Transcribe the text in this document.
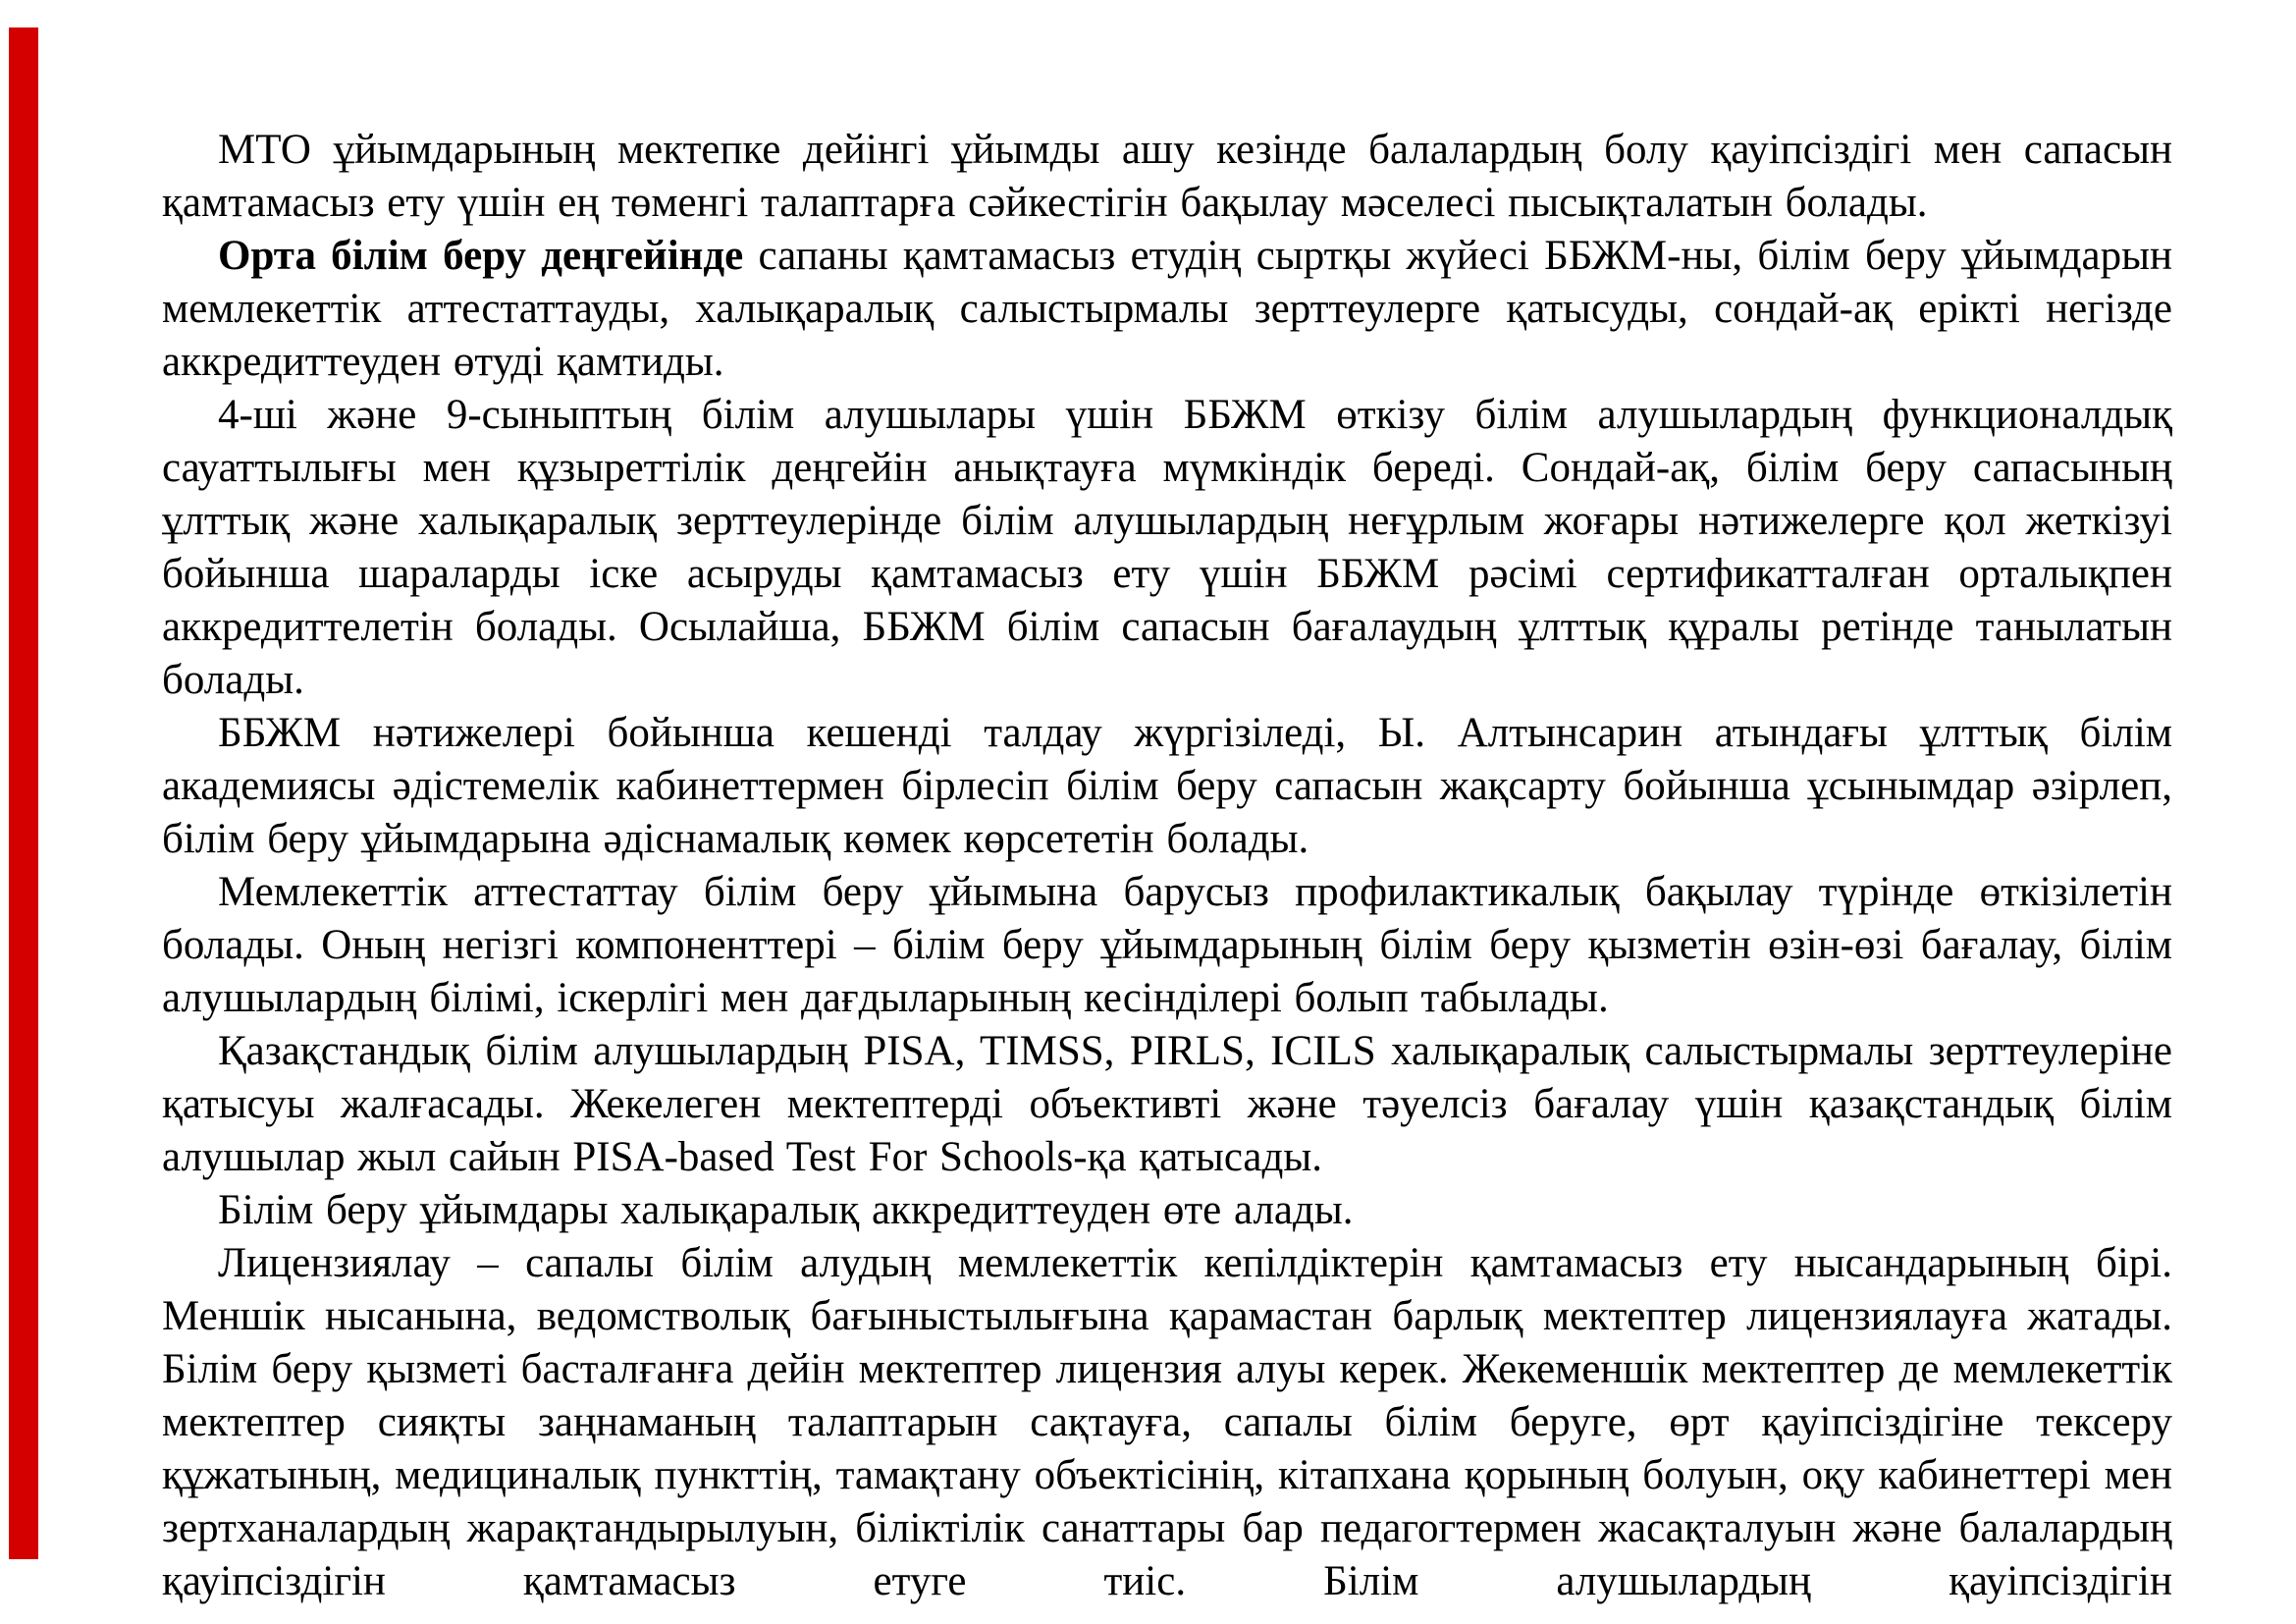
МТО ұйымдарының мектепке дейінгі ұйымды ашу кезінде балалардың болу қауіпсіздігі мен сапасын қамтамасыз ету үшін ең төменгі талаптарға сәйкестігін бақылау мәселесі пысықталатын болады.

Орта білім беру деңгейінде сапаны қамтамасыз етудің сыртқы жүйесі ББЖМ-ны, білім беру ұйымдарын мемлекеттік аттестаттауды, халықаралық салыстырмалы зерттеулерге қатысуды, сондай-ақ ерікті негізде аккредиттеуден өтуді қамтиды.

4-ші және 9-сыныптың білім алушылары үшін ББЖМ өткізу білім алушылардың функционалдық сауаттылығы мен құзыреттілік деңгейін анықтауға мүмкіндік береді. Сондай-ақ, білім беру сапасының ұлттық және халықаралық зерттеулерінде білім алушылардың неғұрлым жоғары нәтижелерге қол жеткізуі бойынша шараларды іске асыруды қамтамасыз ету үшін ББЖМ рәсімі сертификатталған орталықпен аккредиттелетін болады. Осылайша, ББЖМ білім сапасын бағалаудың ұлттық құралы ретінде танылатын болады.

ББЖМ нәтижелері бойынша кешенді талдау жүргізіледі, Ы. Алтынсарин атындағы ұлттық білім академиясы әдістемелік кабинеттермен бірлесіп білім беру сапасын жақсарту бойынша ұсынымдар әзірлеп, білім беру ұйымдарына әдіснамалық көмек көрсететін болады.

Мемлекеттік аттестаттау білім беру ұйымына барусыз профилактикалық бақылау түрінде өткізілетін болады. Оның негізгі компоненттері – білім беру ұйымдарының білім беру қызметін өзін-өзі бағалау, білім алушылардың білімі, іскерлігі мен дағдыларының кесінділері болып табылады.

Қазақстандық білім алушылардың PISA, TIMSS, PIRLS, ICILS халықаралық салыстырмалы зерттеулеріне қатысуы жалғасады. Жекелеген мектептерді объективті және тәуелсіз бағалау үшін қазақстандық білім алушылар жыл сайын PISA-based Test For Schools-қа қатысады.

Білім беру ұйымдары халықаралық аккредиттеуден өте алады.

Лицензиялау – сапалы білім алудың мемлекеттік кепілдіктерін қамтамасыз ету нысандарының бірі. Меншік нысанына, ведомстволық бағыныстылығына қарамастан барлық мектептер лицензиялауға жатады. Білім беру қызметі басталғанға дейін мектептер лицензия алуы керек. Жекеменшік мектептер де мемлекеттік мектептер сияқты заңнаманың талаптарын сақтауға, сапалы білім беруге, өрт қауіпсіздігіне тексеру құжатының, медициналық пункттің, тамақтану объектісінің, кітапхана қорының болуын, оқу кабинеттері мен зертханалардың жарақтандырылуын, біліктілік санаттары бар педагогтермен жасақталуын және балалардың қауіпсіздігін қамтамасыз етуге тиіс. Білім алушылардың қауіпсіздігін
